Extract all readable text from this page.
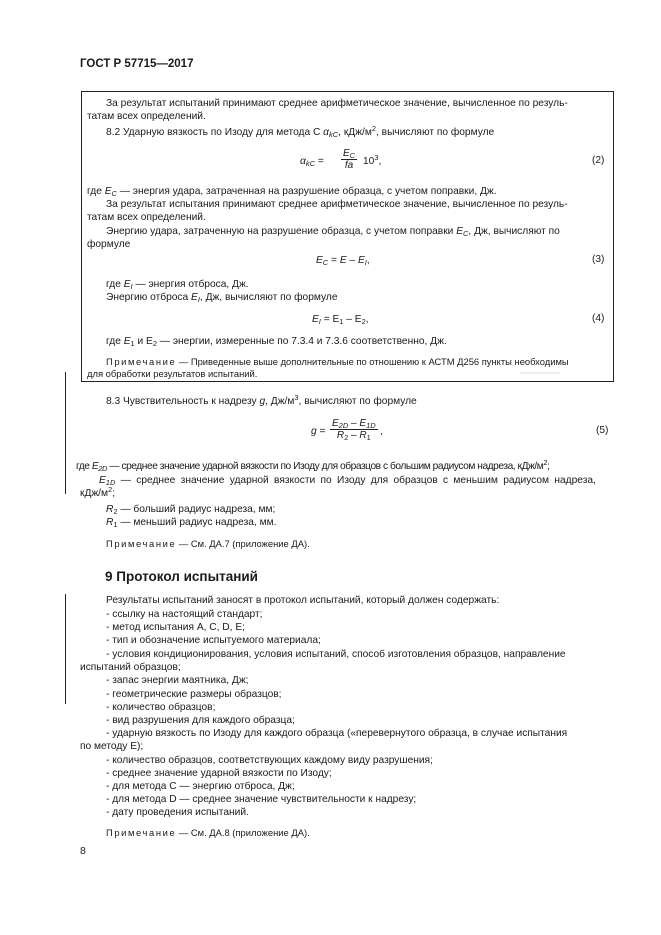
ГОСТ Р 57715—2017
За результат испытаний принимают среднее арифметическое значение, вычисленное по резуль-
татам всех определений.
8.2 Ударную вязкость по Изоду для метода С $\alpha_{kC}$, кДж/$м^2$, вычисляют по формуле
$\alpha_{kC} = \frac{E_C}{fa} 10^3$,	(2)
где $E_C$ — энергия удара, затраченная на разрушение образца, с учетом поправки, Дж.
За результат испытания принимают среднее арифметическое значение, вычисленное по резуль-
татам всех определений.
Энергию удара, затраченную на разрушение образца, с учетом поправки $E_C$, Дж, вычисляют по
формуле
$E_C = E - E_I$,	(3)
где $E_I$ — энергия отброса, Дж.
Энергию отброса $E_I$, Дж, вычисляют по формуле
$E_I = E_1 - E_2$,	(4)
где $E_1$ и $E_2$ — энергии, измеренные по 7.3.4 и 7.3.6 соответственно, Дж.
Примечание — Приведенные выше дополнительные по отношению к АСТМ Д256 пункты необходимы
для обработки результатов испытаний.
8.3 Чувствительность к надрезу g, $Дж/м^3$, вычисляют по формуле
$g = \frac{E_{2D} - E_{1D}}{R_2 - R_1}$ ,	(5)
где $E_{2D}$ — среднее значение ударной вязкости по Изоду для образцов с большим радиусом надреза, кДж/$м^2$;
$E_{1D}$ — среднее значение ударной вязкости по Изоду для образцов с меньшим радиусом надреза,
кДж/$м^2$;
$R_2$ — больший радиус надреза, мм;
$R_1$ — меньший радиус надреза, мм.
Примечание — См. ДА.7 (приложение ДА).
9 Протокол испытаний
Результаты испытаний заносят в протокол испытаний, который должен содержать:
- ссылку на настоящий стандарт;
- метод испытания А, С, D, Е;
- тип и обозначение испытуемого материала;
- условия кондиционирования, условия испытаний, способ изготовления образцов, направление
испытаний образцов;
- запас энергии маятника, Дж;
- геометрические размеры образцов;
- количество образцов;
- вид разрушения для каждого образца;
- ударную вязкость по Изоду для каждого образца («перевернутого образца, в случае испытания
по методу Е);
- количество образцов, соответствующих каждому виду разрушения;
- среднее значение ударной вязкости по Изоду;
- для метода С — энергию отброса, Дж;
- для метода D — среднее значение чувствительности к надрезу;
- дату проведения испытаний.
Примечание — См. ДА.8 (приложение ДА).
8
